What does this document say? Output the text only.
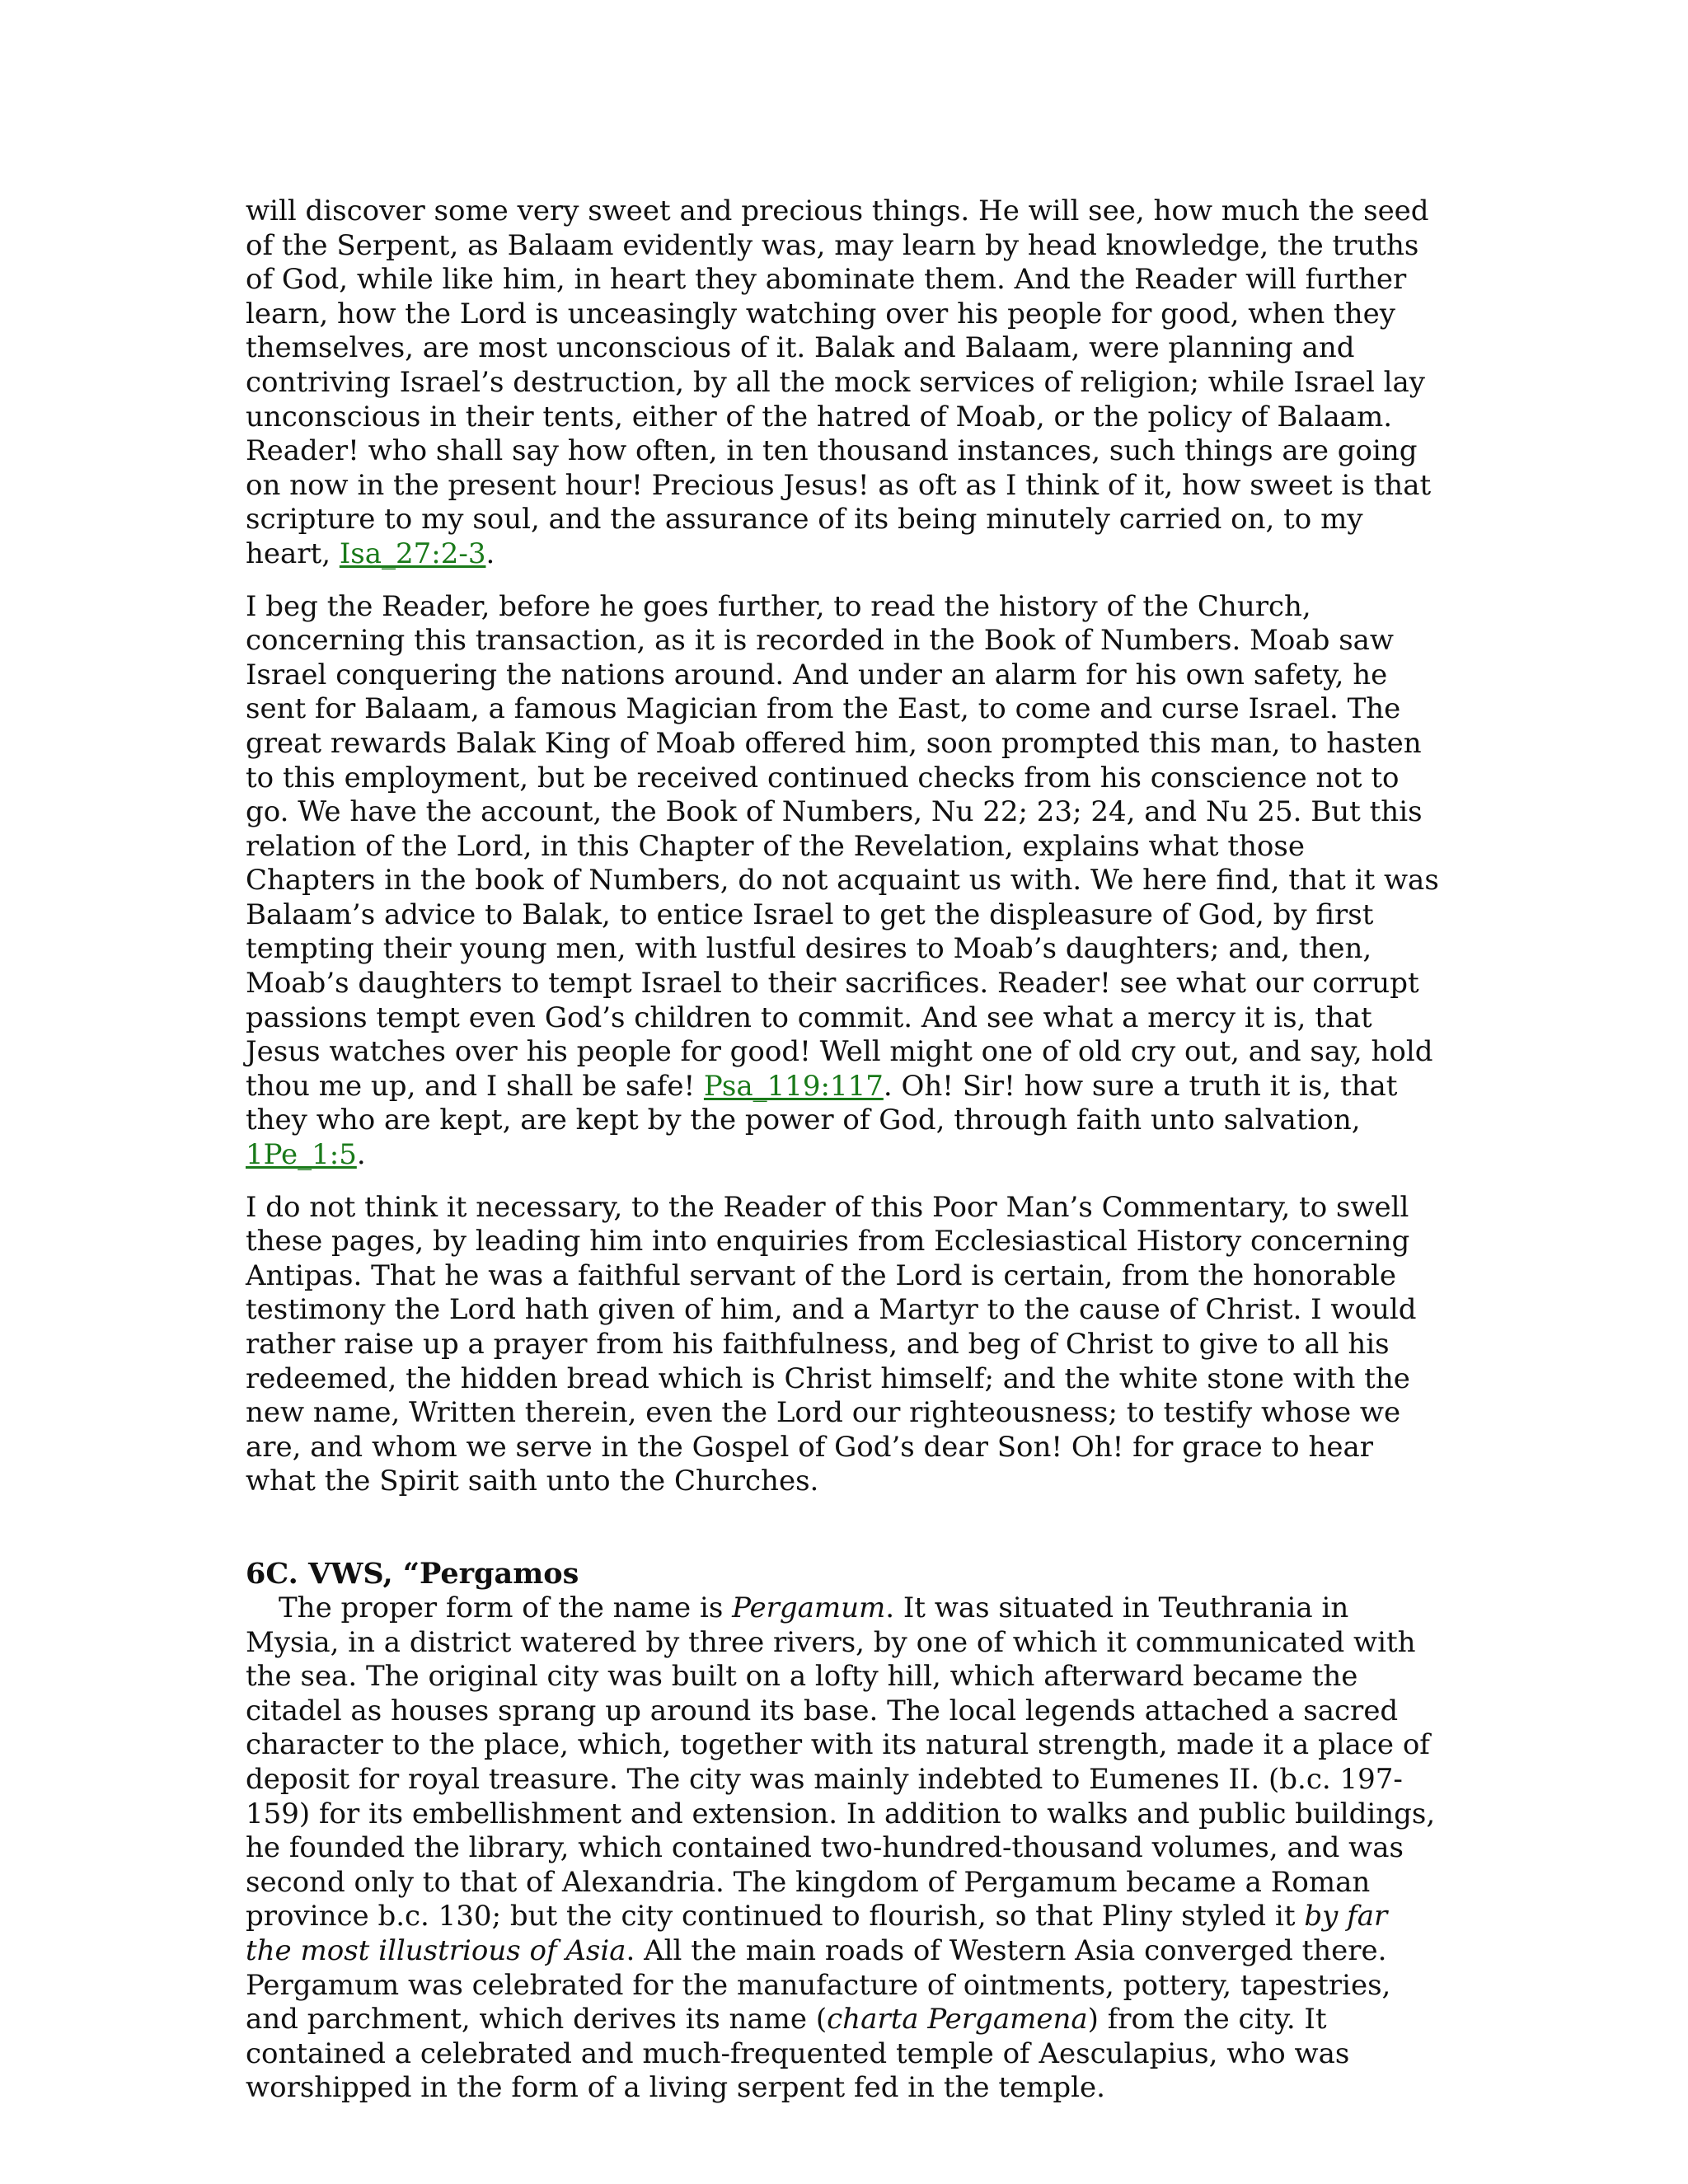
will discover some very sweet and precious things. He will see, how much the seed of the Serpent, as Balaam evidently was, may learn by head knowledge, the truths of God, while like him, in heart they abominate them. And the Reader will further learn, how the Lord is unceasingly watching over his people for good, when they themselves, are most unconscious of it. Balak and Balaam, were planning and contriving Israel’s destruction, by all the mock services of religion; while Israel lay unconscious in their tents, either of the hatred of Moab, or the policy of Balaam. Reader! who shall say how often, in ten thousand instances, such things are going on now in the present hour! Precious Jesus! as oft as I think of it, how sweet is that scripture to my soul, and the assurance of its being minutely carried on, to my heart, Isa_27:2-3.

I beg the Reader, before he goes further, to read the history of the Church, concerning this transaction, as it is recorded in the Book of Numbers. Moab saw Israel conquering the nations around. And under an alarm for his own safety, he sent for Balaam, a famous Magician from the East, to come and curse Israel. The great rewards Balak King of Moab offered him, soon prompted this man, to hasten to this employment, but be received continued checks from his conscience not to go. We have the account, the Book of Numbers, Nu 22; 23; 24, and Nu 25. But this relation of the Lord, in this Chapter of the Revelation, explains what those Chapters in the book of Numbers, do not acquaint us with. We here find, that it was Balaam’s advice to Balak, to entice Israel to get the displeasure of God, by first tempting their young men, with lustful desires to Moab’s daughters; and, then, Moab’s daughters to tempt Israel to their sacrifices. Reader! see what our corrupt passions tempt even God’s children to commit. And see what a mercy it is, that Jesus watches over his people for good! Well might one of old cry out, and say, hold thou me up, and I shall be safe! Psa_119:117. Oh! Sir! how sure a truth it is, that they who are kept, are kept by the power of God, through faith unto salvation, 1Pe_1:5.

I do not think it necessary, to the Reader of this Poor Man’s Commentary, to swell these pages, by leading him into enquiries from Ecclesiastical History concerning Antipas. That he was a faithful servant of the Lord is certain, from the honorable testimony the Lord hath given of him, and a Martyr to the cause of Christ. I would rather raise up a prayer from his faithfulness, and beg of Christ to give to all his redeemed, the hidden bread which is Christ himself; and the white stone with the new name, Written therein, even the Lord our righteousness; to testify whose we are, and whom we serve in the Gospel of God’s dear Son! Oh! for grace to hear what the Spirit saith unto the Churches.

6C. VWS, “Pergamos

The proper form of the name is Pergamum. It was situated in Teuthrania in Mysia, in a district watered by three rivers, by one of which it communicated with the sea. The original city was built on a lofty hill, which afterward became the citadel as houses sprang up around its base. The local legends attached a sacred character to the place, which, together with its natural strength, made it a place of deposit for royal treasure. The city was mainly indebted to Eumenes II. (b.c. 197-159) for its embellishment and extension. In addition to walks and public buildings, he founded the library, which contained two-hundred-thousand volumes, and was second only to that of Alexandria. The kingdom of Pergamum became a Roman province b.c. 130; but the city continued to flourish, so that Pliny styled it by far the most illustrious of Asia. All the main roads of Western Asia converged there. Pergamum was celebrated for the manufacture of ointments, pottery, tapestries, and parchment, which derives its name (charta Pergamena) from the city. It contained a celebrated and much-frequented temple of Aesculapius, who was worshipped in the form of a living serpent fed in the temple.
